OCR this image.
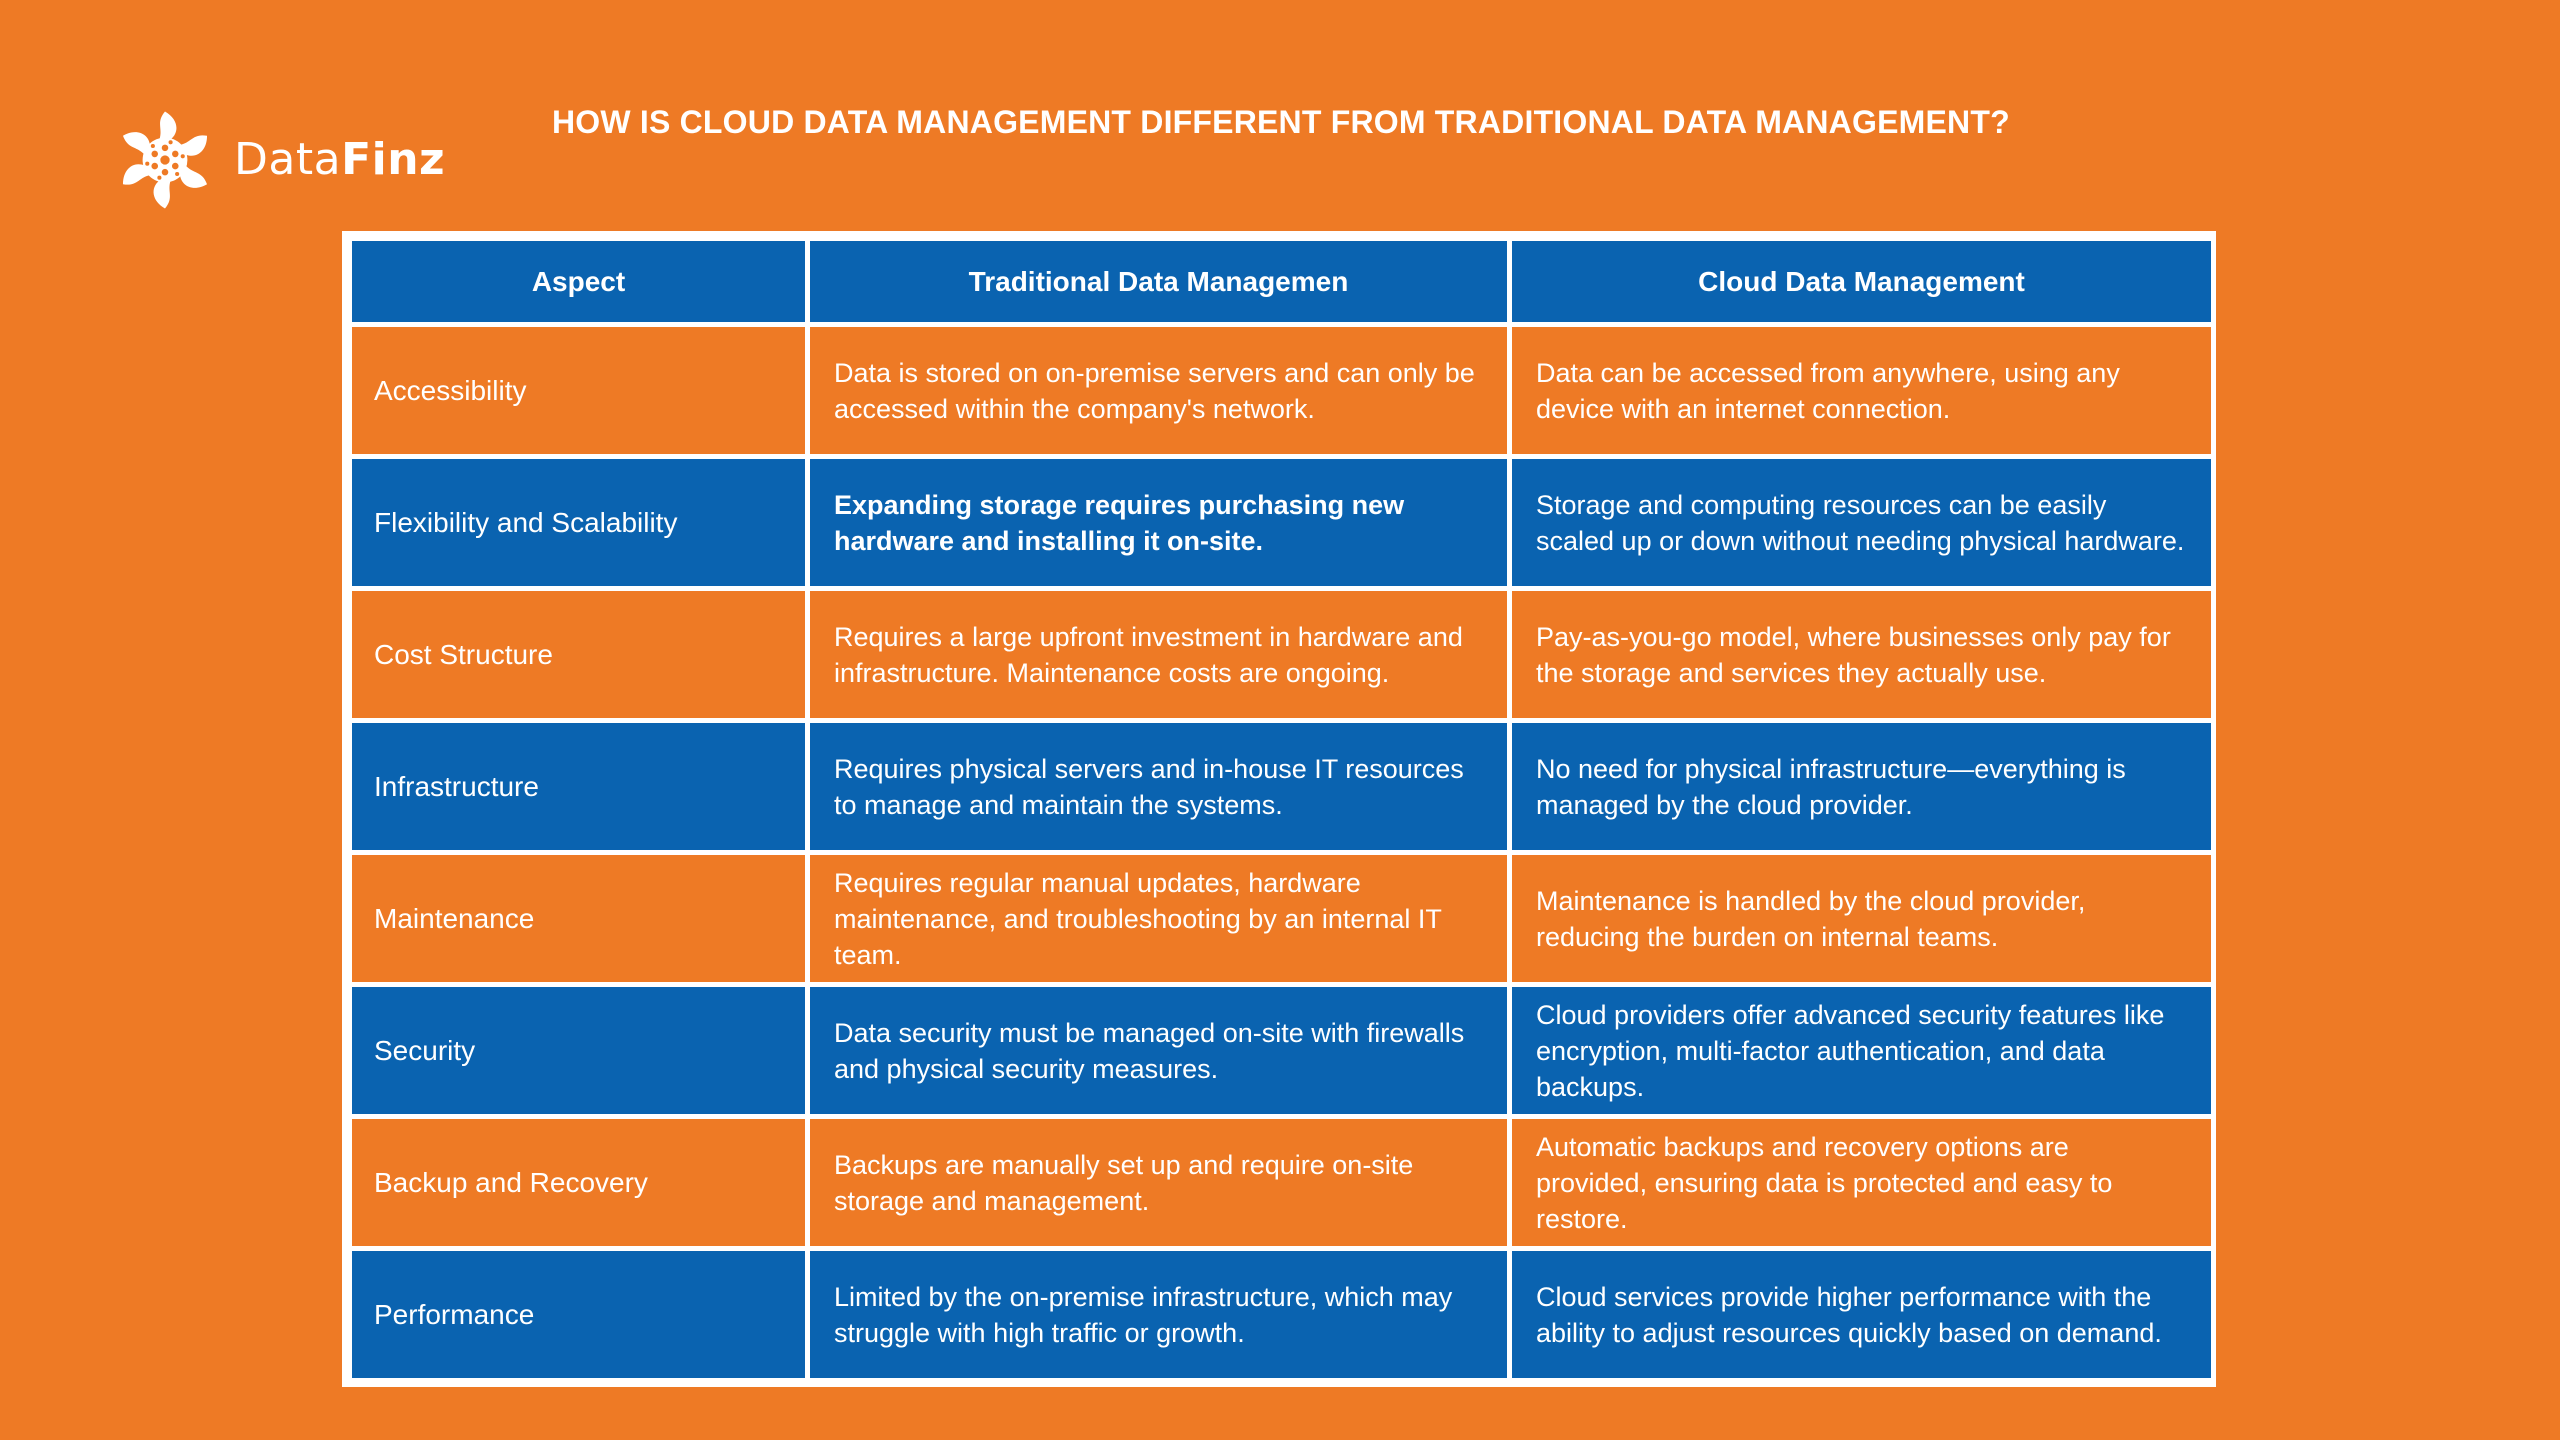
DataFinz
HOW IS CLOUD DATA MANAGEMENT DIFFERENT FROM TRADITIONAL DATA MANAGEMENT?
Aspect	Traditional Data Managemen	Cloud Data Management
Accessibility	Data is stored on on-premise servers and can only be accessed within the company's network.	Data can be accessed from anywhere, using any device with an internet connection.
Flexibility and Scalability	Expanding storage requires purchasing new hardware and installing it on-site.	Storage and computing resources can be easily scaled up or down without needing physical hardware.
Cost Structure	Requires a large upfront investment in hardware and infrastructure. Maintenance costs are ongoing.	Pay-as-you-go model, where businesses only pay for the storage and services they actually use.
Infrastructure	Requires physical servers and in-house IT resources to manage and maintain the systems.	No need for physical infrastructure—everything is managed by the cloud provider.
Maintenance	Requires regular manual updates, hardware maintenance, and troubleshooting by an internal IT team.	Maintenance is handled by the cloud provider, reducing the burden on internal teams.
Security	Data security must be managed on-site with firewalls and physical security measures.	Cloud providers offer advanced security features like encryption, multi-factor authentication, and data backups.
Backup and Recovery	Backups are manually set up and require on-site storage and management.	Automatic backups and recovery options are provided, ensuring data is protected and easy to restore.
Performance	Limited by the on-premise infrastructure, which may struggle with high traffic or growth.	Cloud services provide higher performance with the ability to adjust resources quickly based on demand.
